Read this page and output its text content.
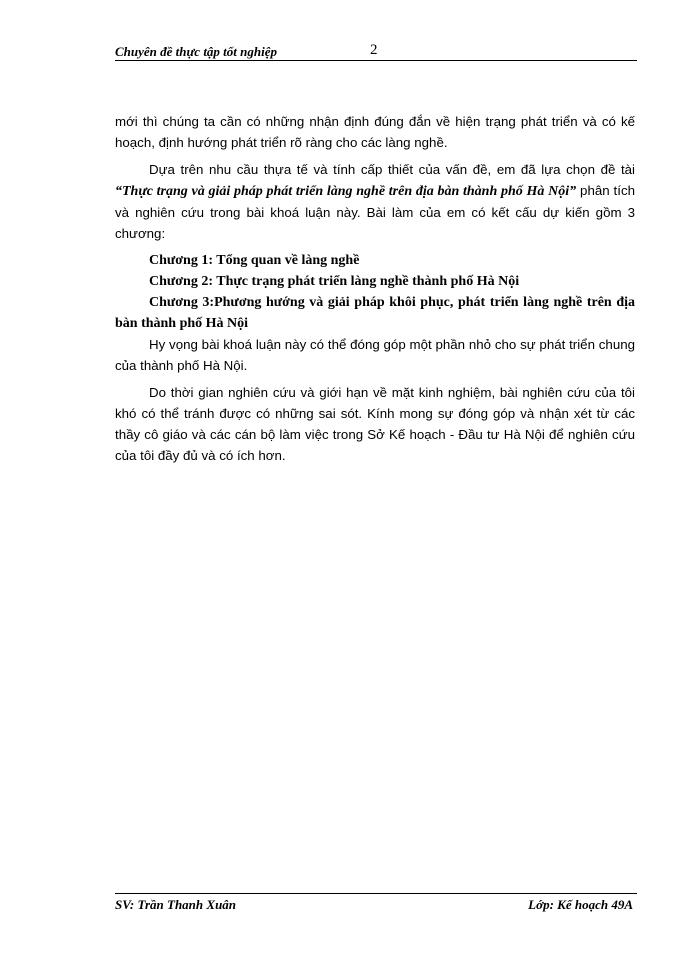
Chuyên đề thực tập tốt nghiệp	2

mới thì chúng ta cần có những nhận định đúng đắn về hiện trạng phát triển và có kế hoạch, định hướng phát triển rõ ràng cho các làng nghề.

Dựa trên nhu cầu thựa tế và tính cấp thiết của vấn đề, em đã lựa chọn đề tài “Thực trạng và giải pháp phát triển làng nghề trên địa bàn thành phố Hà Nội” phân tích và nghiên cứu trong bài khoá luận này. Bài làm của em có kết cấu dự kiến gồm 3 chương:

Chương 1: Tổng quan về làng nghề

Chương 2: Thực trạng phát triển làng nghề thành phố Hà Nội

Chương 3:Phương hướng và giải pháp khôi phục, phát triển làng nghề trên địa bàn thành phố Hà Nội

Hy vọng bài khoá luận này có thể đóng góp một phần nhỏ cho sự phát triển chung của thành phố Hà Nội.

Do thời gian nghiên cứu và giới hạn về mặt kinh nghiệm, bài nghiên cứu của tôi khó có thể tránh được có những sai sót. Kính mong sự đóng góp và nhận xét từ các thầy cô giáo và các cán bộ làm việc trong Sở Kế hoạch - Đầu tư Hà Nội để nghiên cứu của tôi đầy đủ và có ích hơn.

SV: Trần Thanh Xuân	Lớp: Kế hoạch 49A
